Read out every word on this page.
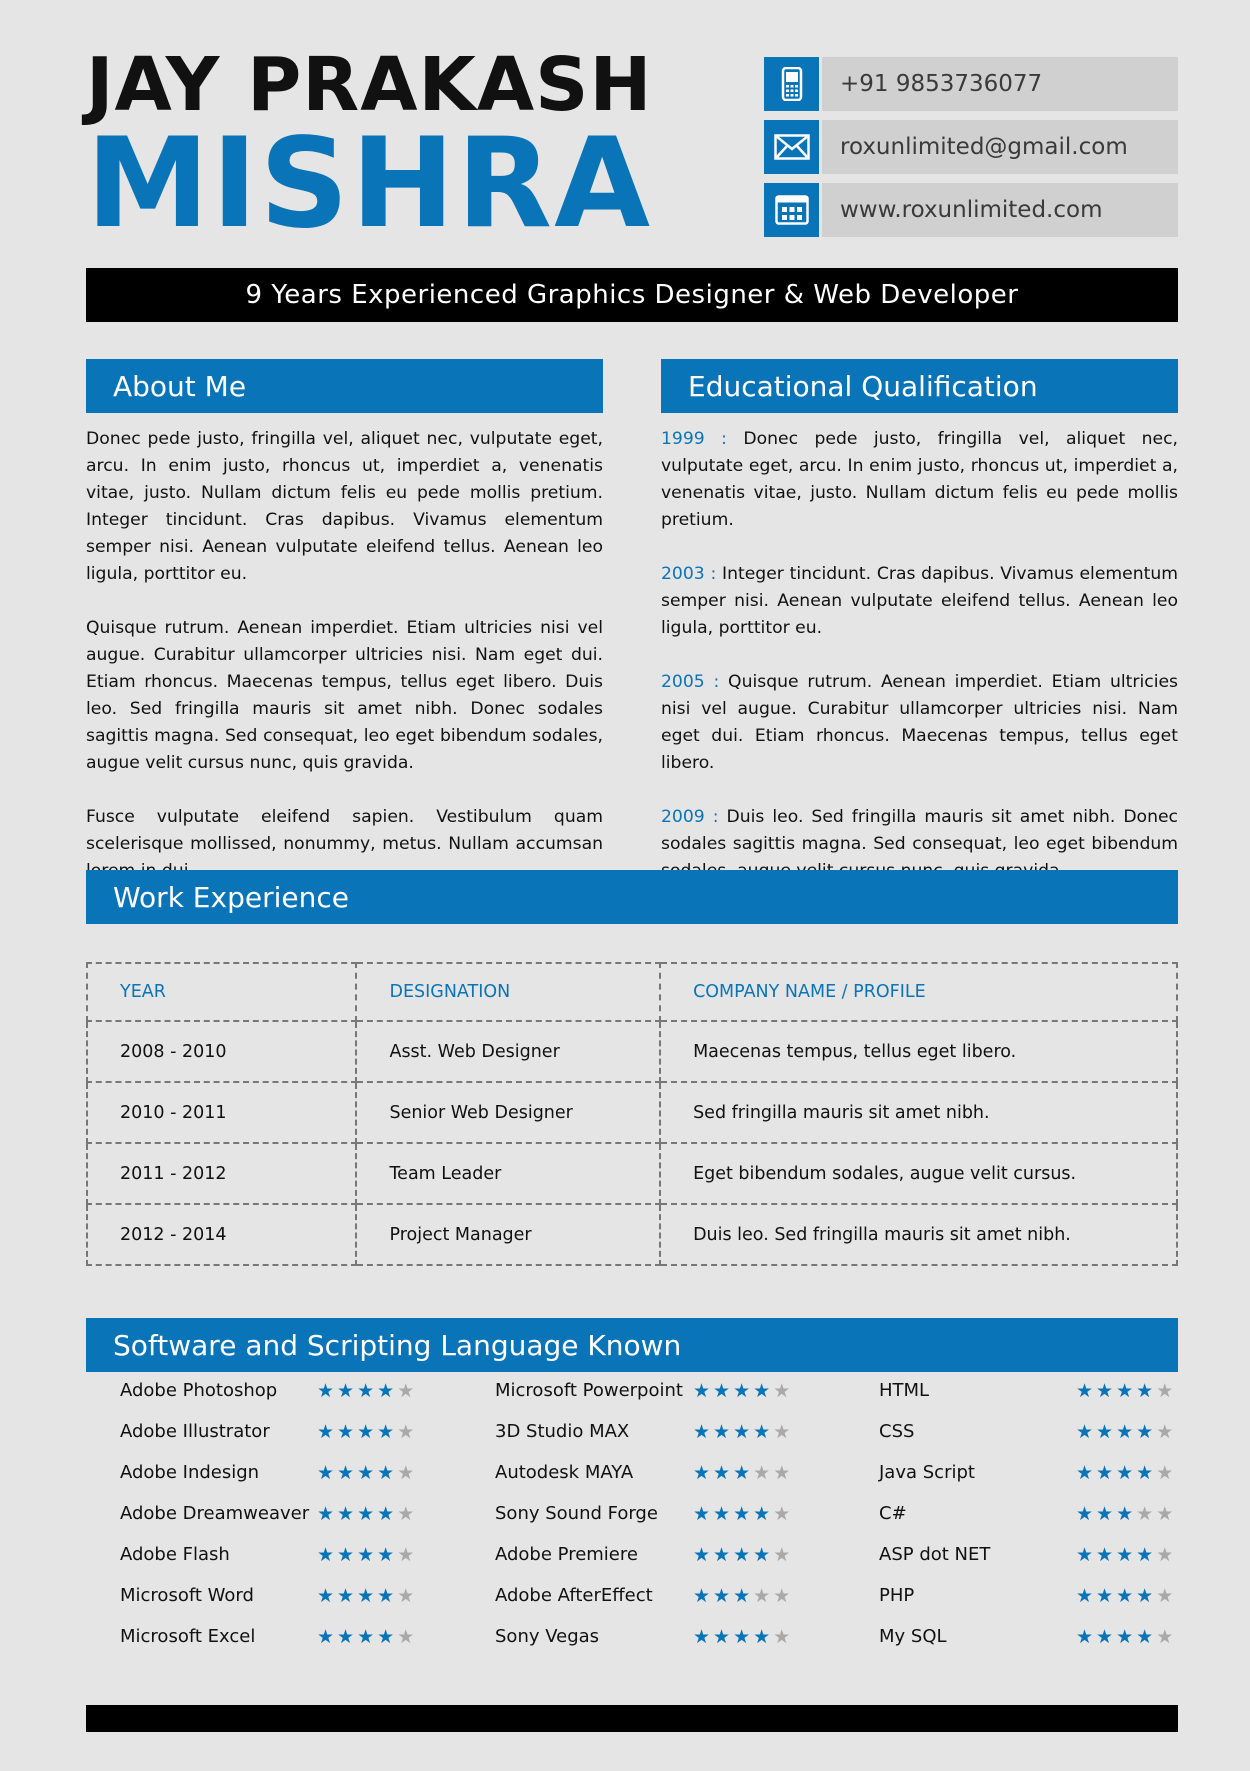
JAY PRAKASH
MISHRA
+91 9853736077
roxunlimited@gmail.com
www.roxunlimited.com
9 Years Experienced Graphics Designer & Web Developer
About Me

Donec pede justo, fringilla vel, aliquet nec, vulputate eget, arcu. In enim justo, rhoncus ut, imperdiet a, venenatis vitae, justo. Nullam dictum felis eu pede mollis pretium. Integer tincidunt. Cras dapibus. Vivamus elementum semper nisi. Aenean vulputate eleifend tellus. Aenean leo ligula, porttitor eu.

Quisque rutrum. Aenean imperdiet. Etiam ultricies nisi vel augue. Curabitur ullamcorper ultricies nisi. Nam eget dui. Etiam rhoncus. Maecenas tempus, tellus eget libero. Duis leo. Sed fringilla mauris sit amet nibh. Donec sodales sagittis magna. Sed consequat, leo eget bibendum sodales, augue velit cursus nunc, quis gravida.

Fusce vulputate eleifend sapien. Vestibulum quam scelerisque mollissed, nonummy, metus. Nullam accumsan

Educational Qualification

1999 : Donec pede justo, fringilla vel, aliquet nec, vulputate eget, arcu. In enim justo, rhoncus ut, imperdiet a, venenatis vitae, justo. Nullam dictum felis eu pede mollis pretium.

2003 : Integer tincidunt. Cras dapibus. Vivamus elementum semper nisi. Aenean vulputate eleifend tellus. Aenean leo ligula, porttitor eu.

2005 : Quisque rutrum. Aenean imperdiet. Etiam ultricies nisi vel augue. Curabitur ullamcorper ultricies nisi. Nam eget dui. Etiam rhoncus. Maecenas tempus, tellus eget libero.

2009 : Duis leo. Sed fringilla mauris sit amet nibh. Donec sodales sagittis magna. Sed consequat, leo eget bibendum

Work Experience
YEAR	DESIGNATION	COMPANY NAME / PROFILE
2008 - 2010	Asst. Web Designer	Maecenas tempus, tellus eget libero.
2010 - 2011	Senior Web Designer	Sed fringilla mauris sit amet nibh.
2011 - 2012	Team Leader	Eget bibendum sodales, augue velit cursus.
2012 - 2014	Project Manager	Duis leo. Sed fringilla mauris sit amet nibh.
Software and Scripting Language Known
Adobe Photoshop ★ ★ ★ ★ ★
Adobe Illustrator ★ ★ ★ ★ ★
Adobe Indesign	★ ★ ★ ★ ★
Adobe Dreamweaver ★ ★ ★ ★ ★
Adobe Flash	★ ★ ★ ★ ★
Microsoft Word	★ ★ ★ ★ ★
Microsoft Excel	★ ★ ★ ★ ★
Microsoft Powerpoint ★ ★ ★ ★ ★
3D Studio MAX	★ ★ ★ ★ ★
Autodesk MAYA	★ ★ ★ ★ ★
Sony Sound Forge ★ ★ ★ ★ ★
Adobe Premiere	★ ★ ★ ★ ★
Adobe AfterEffect ★ ★ ★ ★ ★
Sony Vegas	★ ★ ★ ★ ★
HTML	★ ★ ★ ★ ★
CSS	★ ★ ★ ★ ★
Java Script	★ ★ ★ ★ ★
C#	★ ★ ★ ★ ★
ASP dot NET	★ ★ ★ ★ ★
PHP	★ ★ ★ ★ ★
My SQL	★ ★ ★ ★ ★
